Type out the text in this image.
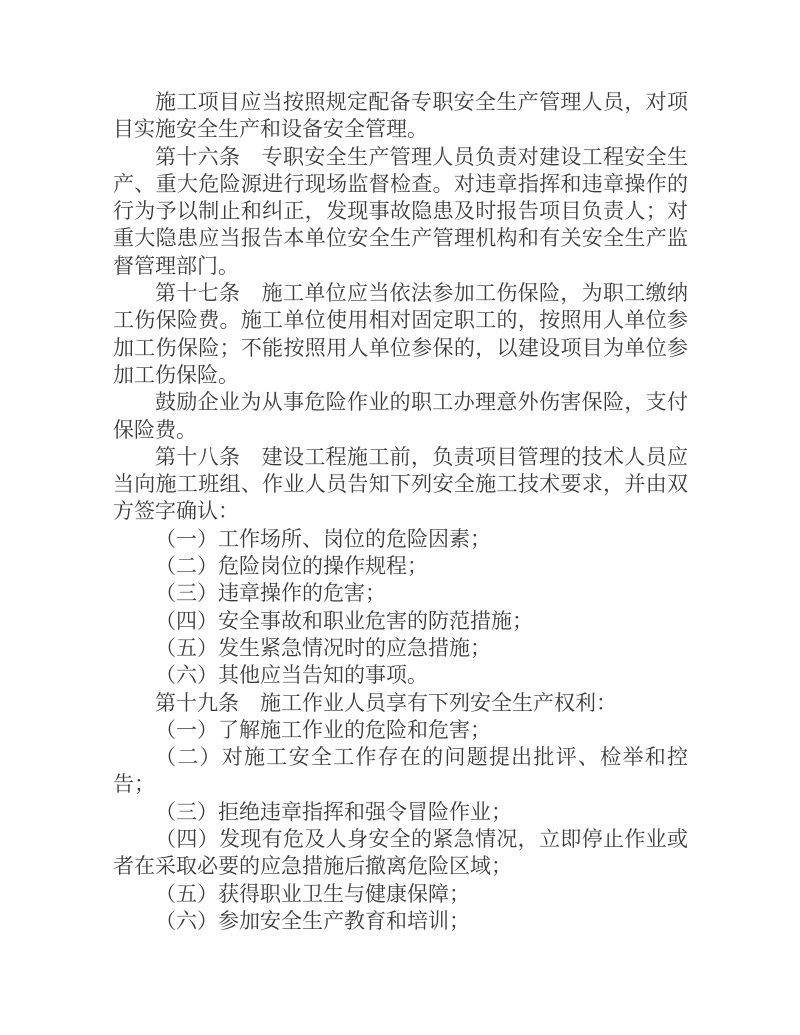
施工项目应当按照规定配备专职安全生产管理人员，对项目实施安全生产和设备安全管理。

第十六条　专职安全生产管理人员负责对建设工程安全生产、重大危险源进行现场监督检查。对违章指挥和违章操作的行为予以制止和纠正，发现事故隐患及时报告项目负责人；对重大隐患应当报告本单位安全生产管理机构和有关安全生产监督管理部门。

第十七条　施工单位应当依法参加工伤保险，为职工缴纳工伤保险费。施工单位使用相对固定职工的，按照用人单位参加工伤保险；不能按照用人单位参保的，以建设项目为单位参加工伤保险。

鼓励企业为从事危险作业的职工办理意外伤害保险，支付保险费。

第十八条　建设工程施工前，负责项目管理的技术人员应当向施工班组、作业人员告知下列安全施工技术要求，并由双方签字确认：

（一）工作场所、岗位的危险因素；

（二）危险岗位的操作规程；

（三）违章操作的危害；

（四）安全事故和职业危害的防范措施；

（五）发生紧急情况时的应急措施；

（六）其他应当告知的事项。

第十九条　施工作业人员享有下列安全生产权利：

（一）了解施工作业的危险和危害；

（二）对施工安全工作存在的问题提出批评、检举和控告；

（三）拒绝违章指挥和强令冒险作业；

（四）发现有危及人身安全的紧急情况，立即停止作业或者在采取必要的应急措施后撤离危险区域；

（五）获得职业卫生与健康保障；

（六）参加安全生产教育和培训；
